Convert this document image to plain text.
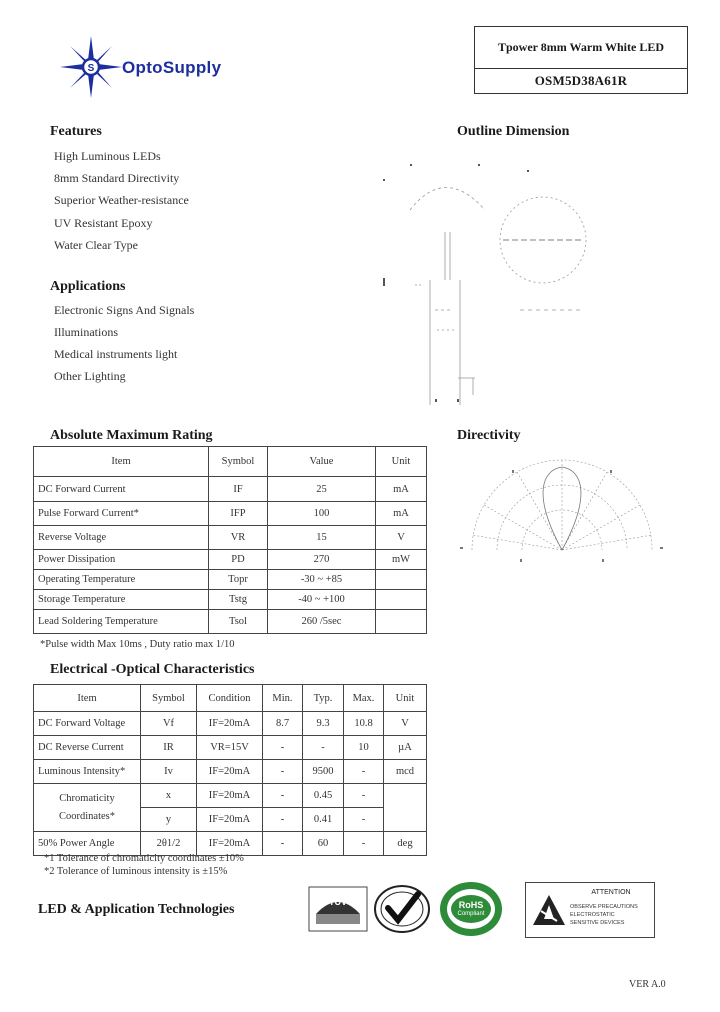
S OptoSupply
Tpower 8mm Warm White LED
OSM5D38A61R
Features
High Luminous LEDs
8mm Standard Directivity
Superior Weather-resistance
UV Resistant Epoxy
Water Clear Type
Applications
Electronic Signs And Signals
Illuminations
Medical instruments light
Other Lighting
Outline Dimension
Directivity
Absolute Maximum Rating
Item	Symbol	Value	Unit
DC Forward Current	IF	25	mA
Pulse Forward Current*	IFP	100	mA
Reverse Voltage	VR	15	V
Power Dissipation	PD	270	mW
Operating Temperature	Topr	-30 ~ +85	
Storage Temperature	Tstg	-40 ~ +100	
Lead Soldering Temperature	Tsol	260 /5sec	
*Pulse width Max 10ms , Duty ratio max 1/10
Electrical -Optical Characteristics
Item	Symbol	Condition	Min.	Typ.	Max.	Unit
DC Forward Voltage	Vf	IF=20mA	8.7	9.3	10.8	V
DC Reverse Current	IR	VR=15V	-	-	10	µA
Luminous Intensity*	Iv	IF=20mA	-	9500	-	mcd

Chromaticity
Coordinates*	x	IF=20mA	-	0.45	-	
	y	IF=20mA	-	0.41	-	
50% Power Angle	2θ1/2	IF=20mA	-	60	-	deg
*1 Tolerance of chromaticity coordinates ±10%
*2 Tolerance of luminous intensity is ±15%
LED & Application Technologies	TÜV	RoHS
Compliant
ATTENTION
OBSERVE PRECAUTIONS
ELECTROSTATIC
SENSITIVE DEVICES
VER A.0
